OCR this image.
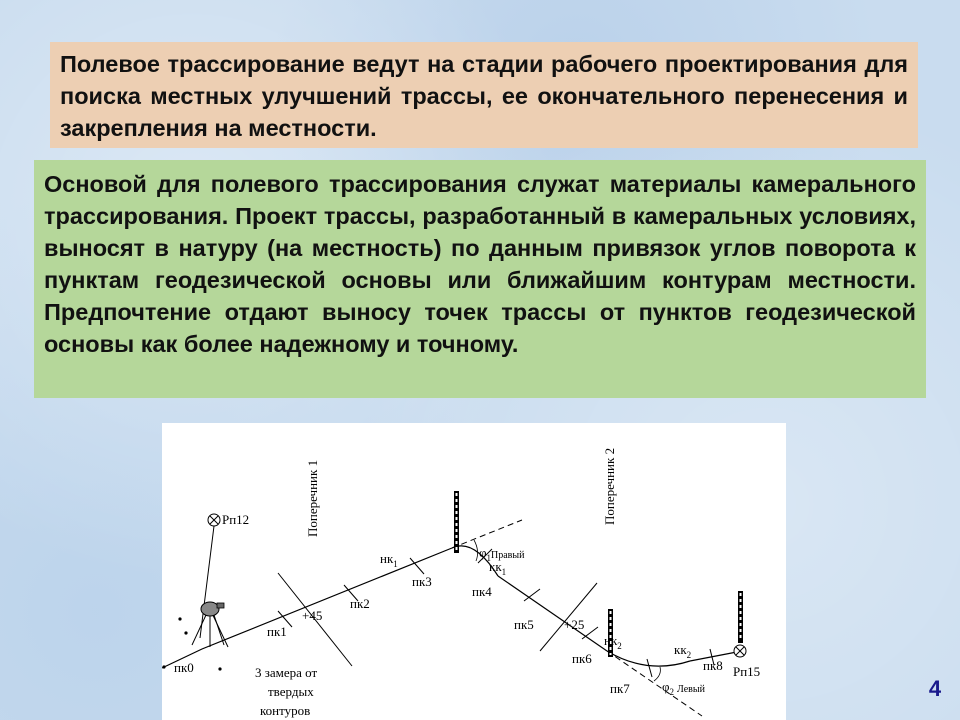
Полевое трассирование ведут на стадии рабочего проектирования для поиска местных улучшений трассы, ее окончательного перенесения и закрепления на местности.
Основой для полевого трассирования служат материалы камерального трассирования. Проект трассы, разработанный в камеральных условиях, выносят в натуру (на местность) по данным привязок углов поворота к пунктам геодезической основы или ближайшим контурам местности. Предпочтение отдают выносу точек трассы от пунктов геодезической основы как более надежному и точному.
Поперечник 1	Поперечник 2
Рп12
Рп15
пк0
пк1
пк2
пк3
пк4
пк5
пк6
пк7
пк8
+45
+25
$нк_1$	$кк_1$
$нк_2$	$кк_2$
$\varphi_1^{Правый}$
$\varphi_2$ $^{Левый}$
3 замера от
твердых
контуров
4
